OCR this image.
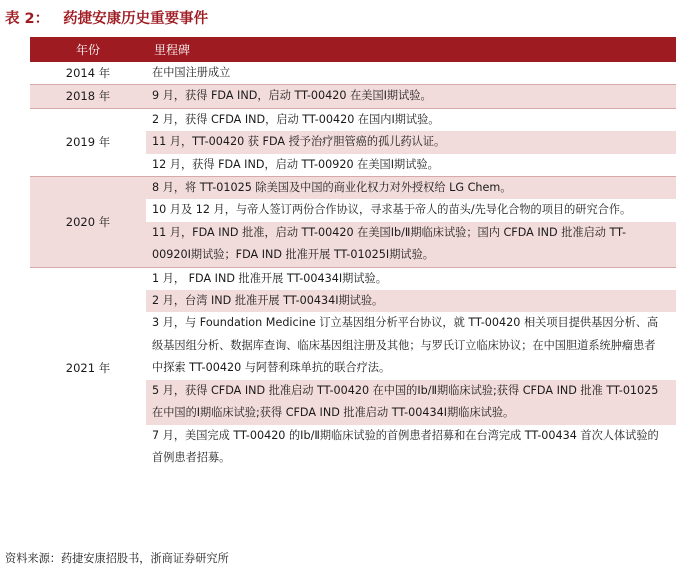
表 2： 药捷安康历史重要事件
年份	里程碑
2014 年	在中国注册成立
2018 年	9 月，获得 FDA IND，启动 TT-00420 在美国Ⅰ期试验。
2019 年	2 月，获得 CFDA IND，启动 TT-00420 在国内Ⅰ期试验。
	11 月，TT-00420 获 FDA 授予治疗胆管癌的孤儿药认证。
	12 月，获得 FDA IND，启动 TT-00920 在美国Ⅰ期试验。
2020 年	8 月，将 TT-01025 除美国及中国的商业化权力对外授权给 LG Chem。
	10 月及 12 月，与帝人签订两份合作协议，寻求基于帝人的苗头/先导化合物的项目的研究合作。
	11 月，FDA IND 批准，启动 TT-00420 在美国Ⅰb/Ⅱ期临床试验；国内 CFDA IND 批准启动 TT-00920Ⅰ期试验；FDA IND 批准开展 TT-01025Ⅰ期试验。
2021 年	1 月， FDA IND 批准开展 TT-00434Ⅰ期试验。
	2 月，台湾 IND 批准开展 TT-00434Ⅰ期试验。
	3 月，与 Foundation Medicine 订立基因组分析平台协议，就 TT-00420 相关项目提供基因分析、高级基因组分析、数据库查询、临床基因组注册及其他；与罗氏订立临床协议；在中国胆道系统肿瘤患者中探索 TT-00420 与阿替利珠单抗的联合疗法。
	5 月，获得 CFDA IND 批准启动 TT-00420 在中国的Ⅰb/Ⅱ期临床试验;获得 CFDA IND 批准 TT-01025 在中国的Ⅰ期临床试验;获得 CFDA IND 批准启动 TT-00434Ⅰ期临床试验。
	7 月，美国完成 TT-00420 的Ⅰb/Ⅱ期临床试验的首例患者招募和在台湾完成 TT-00434 首次人体试验的首例患者招募。
资料来源：药捷安康招股书，浙商证券研究所
